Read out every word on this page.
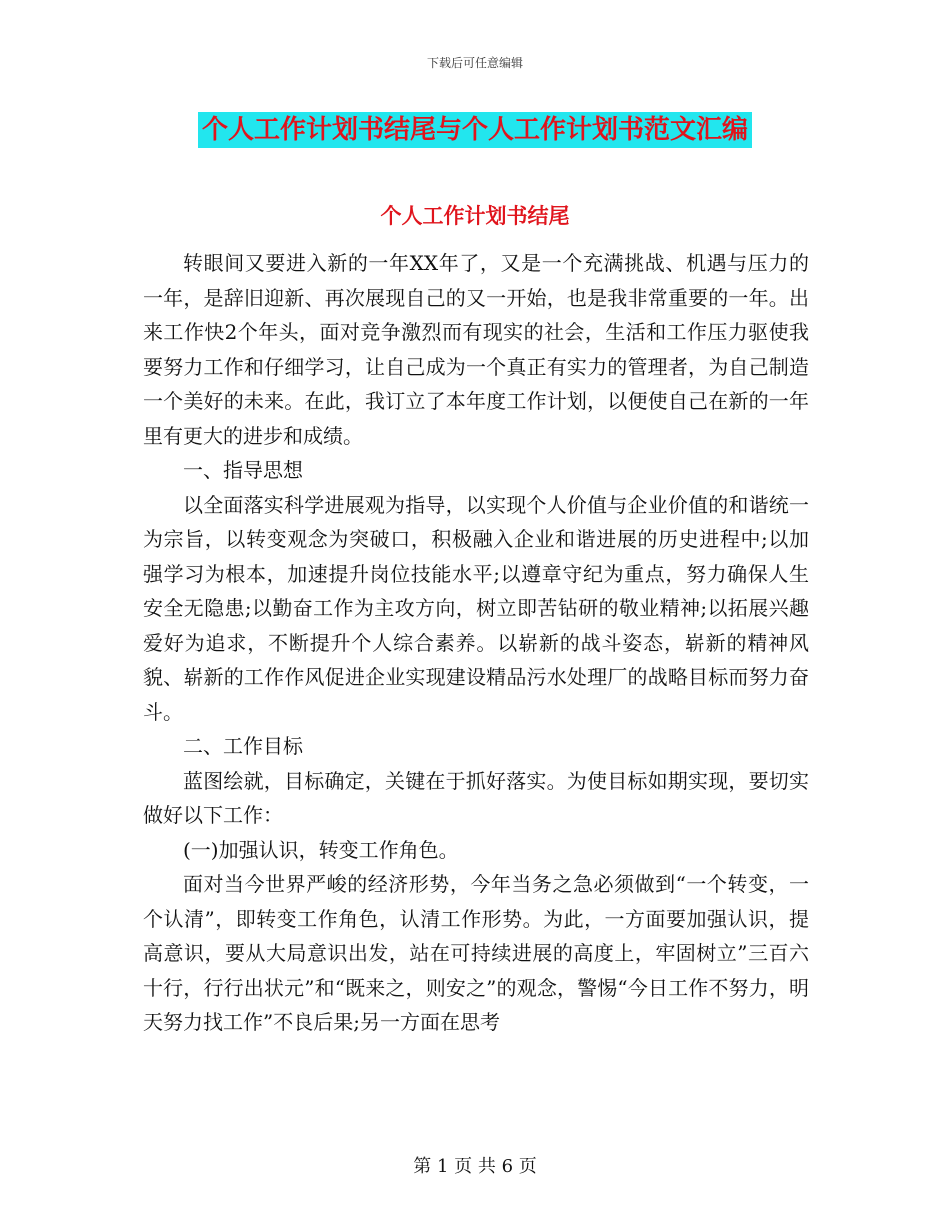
下载后可任意编辑
个人工作计划书结尾与个人工作计划书范文汇编
个人工作计划书结尾

转眼间又要进入新的一年XX年了，又是一个充满挑战、机遇与压力的一年，是辞旧迎新、再次展现自己的又一开始，也是我非常重要的一年。出来工作快2个年头，面对竞争激烈而有现实的社会，生活和工作压力驱使我要努力工作和仔细学习，让自己成为一个真正有实力的管理者，为自己制造一个美好的未来。在此，我订立了本年度工作计划，以便使自己在新的一年里有更大的进步和成绩。

一、指导思想

以全面落实科学进展观为指导，以实现个人价值与企业价值的和谐统一为宗旨，以转变观念为突破口，积极融入企业和谐进展的历史进程中;以加强学习为根本，加速提升岗位技能水平;以遵章守纪为重点，努力确保人生安全无隐患;以勤奋工作为主攻方向，树立即苦钻研的敬业精神;以拓展兴趣爱好为追求，不断提升个人综合素养。以崭新的战斗姿态，崭新的精神风貌、崭新的工作作风促进企业实现建设精品污水处理厂的战略目标而努力奋斗。

二、工作目标

蓝图绘就，目标确定，关键在于抓好落实。为使目标如期实现，要切实做好以下工作：

(一)加强认识，转变工作角色。

面对当今世界严峻的经济形势，今年当务之急必须做到“一个转变，一个认清”，即转变工作角色，认清工作形势。为此，一方面要加强认识，提高意识，要从大局意识出发，站在可持续进展的高度上，牢固树立”三百六十行，行行出状元”和“既来之，则安之”的观念，警惕“今日工作不努力，明天努力找工作”不良后果;另一方面在思考

第 1 页 共 6 页
